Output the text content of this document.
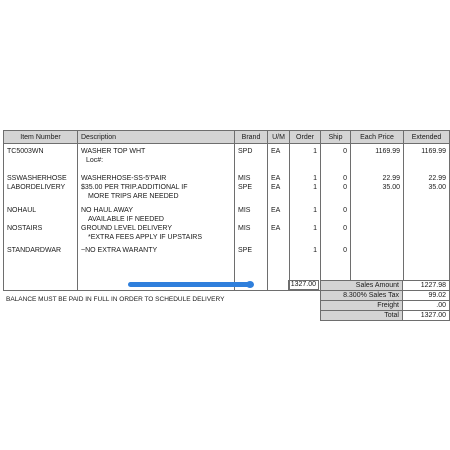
Item Number	Description	Brand	U/M	Order	Ship	Each Price	Extended
TC5003WN	WASHER TOP WHT	SPD	EA	1	0	1169.99	1169.99
	Loc#:						
SSWASHERHOSE	WASHERHOSE-SS-5'PAIR	MIS	EA	1	0	22.99	22.99
LABORDELIVERY	$35.00 PER TRIP.ADDITIONAL IF	SPE	EA	1	0	35.00	35.00
	MORE TRIPS ARE NEEDED						
NOHAUL	NO HAUL AWAY	MIS	EA	1	0		
	AVAILABLE IF NEEDED						
NOSTAIRS	GROUND LEVEL DELIVERY	MIS	EA	1	0		
	*EXTRA FEES APPLY IF UPSTAIRS						
STANDARDWAR	~NO EXTRA WARANTY	SPE		1	0		

1327.00
BALANCE MUST BE PAID IN FULL IN ORDER TO SCHEDULE DELIVERY
Sales Amount	1227.98
8.300% Sales Tax	99.02
Freight	.00
Total	1327.00
